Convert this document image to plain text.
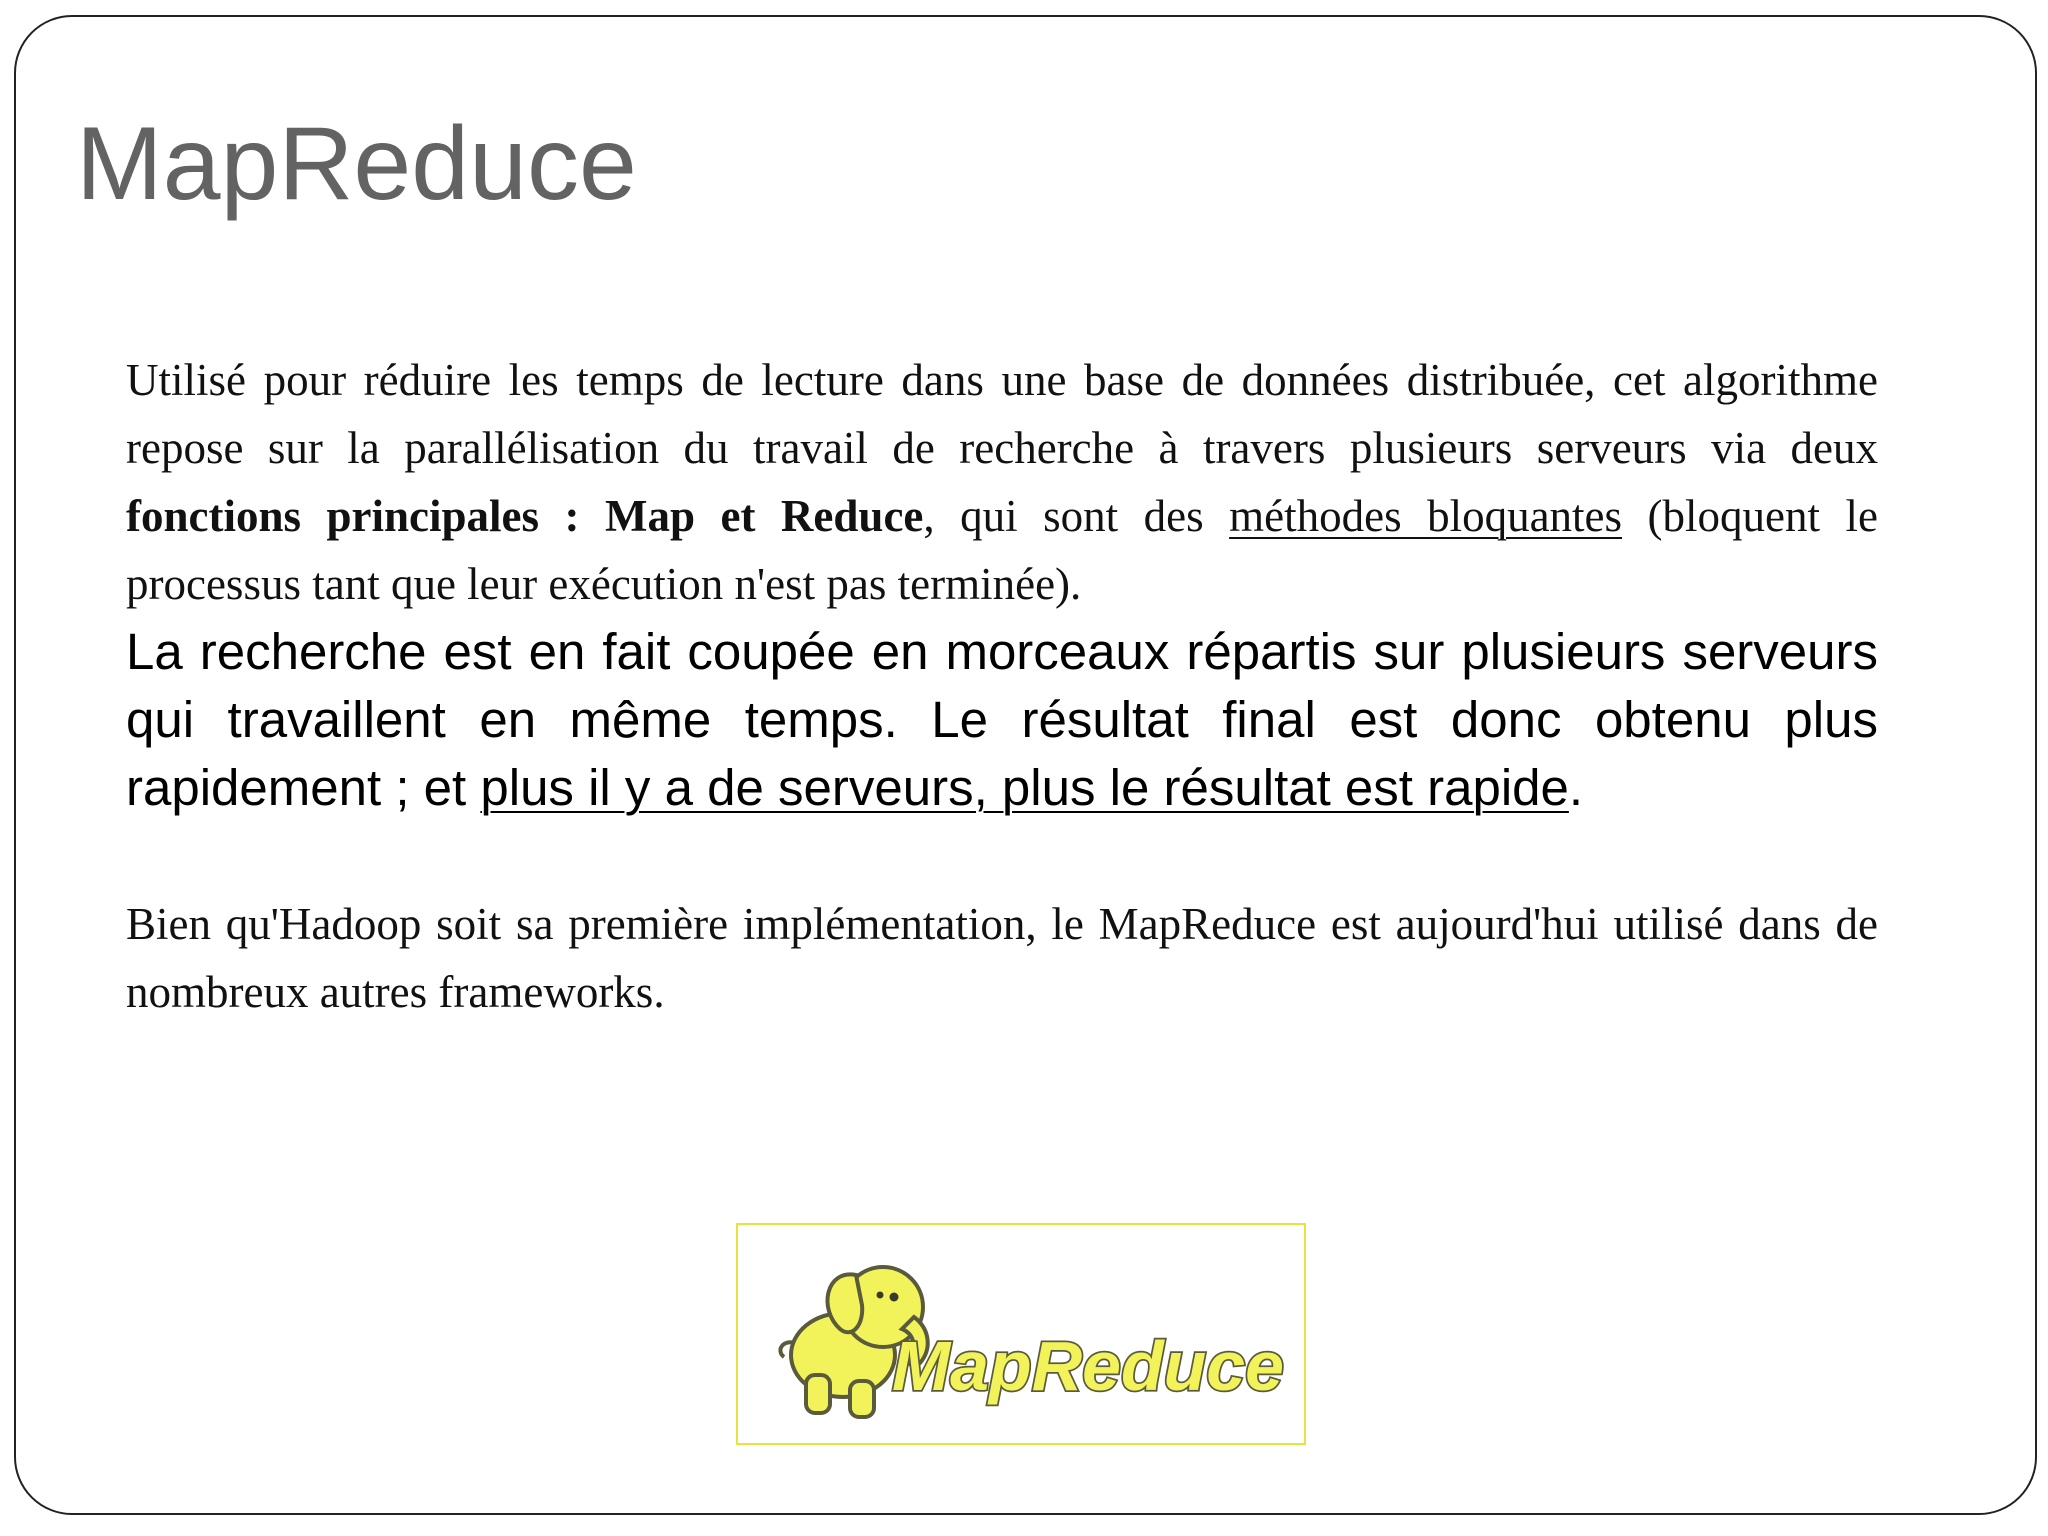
MapReduce

Utilisé pour réduire les temps de lecture dans une base de données distribuée, cet algorithme repose sur la parallélisation du travail de recherche à travers plusieurs serveurs via deux fonctions principales : Map et Reduce, qui sont des méthodes bloquantes (bloquent le processus tant que leur exécution n'est pas terminée).

La recherche est en fait coupée en morceaux répartis sur plusieurs serveurs qui travaillent en même temps. Le résultat final est donc obtenu plus rapidement ; et plus il y a de serveurs, plus le résultat est rapide.

Bien qu'Hadoop soit sa première implémentation, le MapReduce est aujourd'hui utilisé dans de nombreux autres frameworks.

MapReduce
